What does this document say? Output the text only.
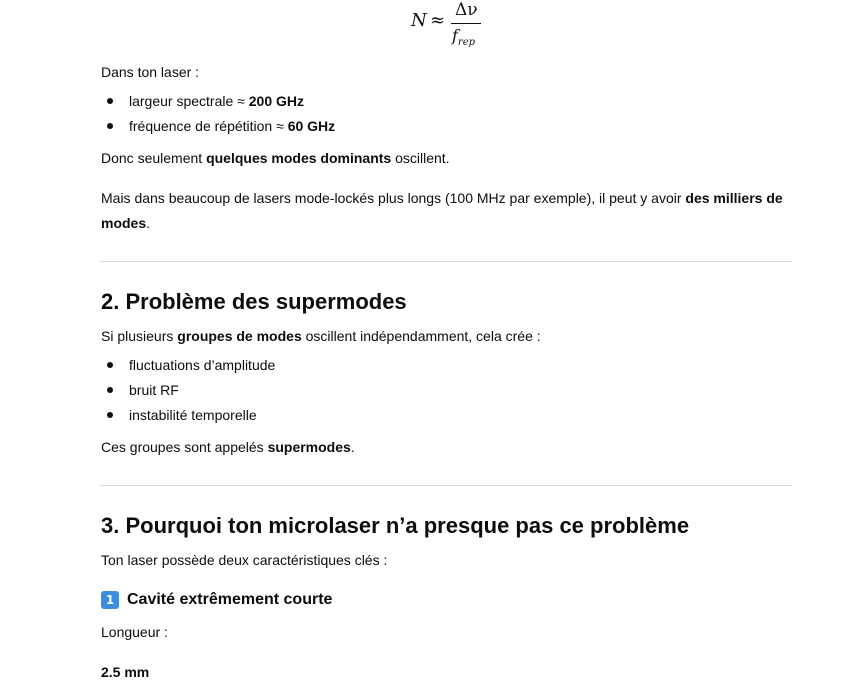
N ≈ Δν
$f_{rep}$
Dans ton laser :
largeur spectrale ≈ 200 GHz
fréquence de répétition ≈ 60 GHz
Donc seulement quelques modes dominants oscillent.
Mais dans beaucoup de lasers mode-lockés plus longs (100 MHz par exemple), il peut y avoir des milliers de modes.
2. Problème des supermodes
Si plusieurs groupes de modes oscillent indépendamment, cela crée :
fluctuations d’amplitude
bruit RF
instabilité temporelle
Ces groupes sont appelés supermodes.
3. Pourquoi ton microlaser n’a presque pas ce problème
Ton laser possède deux caractéristiques clés :
1 Cavité extrêmement courte
Longueur :
2.5 mm
